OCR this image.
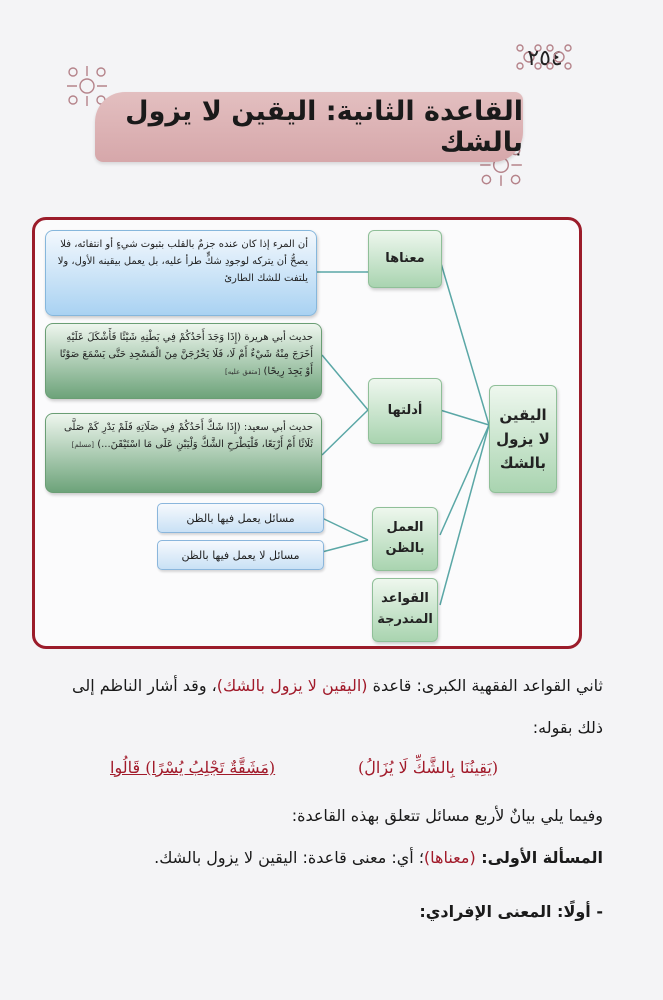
٢٥٤
القاعدة الثانية: اليقين لا يزول بالشك
معناها
أدلتها
العمل بالظن
القواعد المندرجة
اليقين لا يزول بالشك
أن المرء إذا كان عنده جزمٌ بالقلب بثبوت شيءٍ أو انتفائه، فلا يصحُّ أن يتركه لوجودِ شكٍّ طرأ عليه، بل يعمل بيقينه الأول، ولا يلتفت للشك الطارئ
حديث أبي هريرة (إِذَا وَجَدَ أَحَدُكُمْ فِي بَطْنِهِ شَيْئًا فَأَشْكَلَ عَلَيْهِ أَخَرَجَ مِنْهُ شَيْءٌ أَمْ لَا، فَلَا يَخْرُجَنَّ مِنَ الْمَسْجِدِ حَتَّى يَسْمَعَ صَوْتًا أَوْ يَجِدَ رِيحًا) [متفق عليه]
حديث أبي سعيد: (إِذَا شَكَّ أَحَدُكُمْ فِي صَلَاتِهِ فَلَمْ يَدْرِ كَمْ صَلَّى ثَلَاثًا أَمْ أَرْبَعًا، فَلْيَطْرَحِ الشَّكَّ وَلْيَبْنِ عَلَى مَا اسْتَيْقَنَ...) [مسلم]
مسائل يعمل فيها بالظن
مسائل لا يعمل فيها بالظن
ثاني القواعد الفقهية الكبرى: قاعدة (اليقين لا يزول بالشك)، وقد أشار الناظم إلى
ذلك بقوله:
(يَقِينُنَا بِالشَّكِّ لَا يُزَالُ)
(مَشَقَّةٌ تَجْلِبُ يُسْرًا) قَالُوا
وفيما يلي بيانٌ لأربع مسائل تتعلق بهذه القاعدة:
المسألة الأولى: (معناها)؛ أي: معنى قاعدة: اليقين لا يزول بالشك.
- أولًا: المعنى الإفرادي:
